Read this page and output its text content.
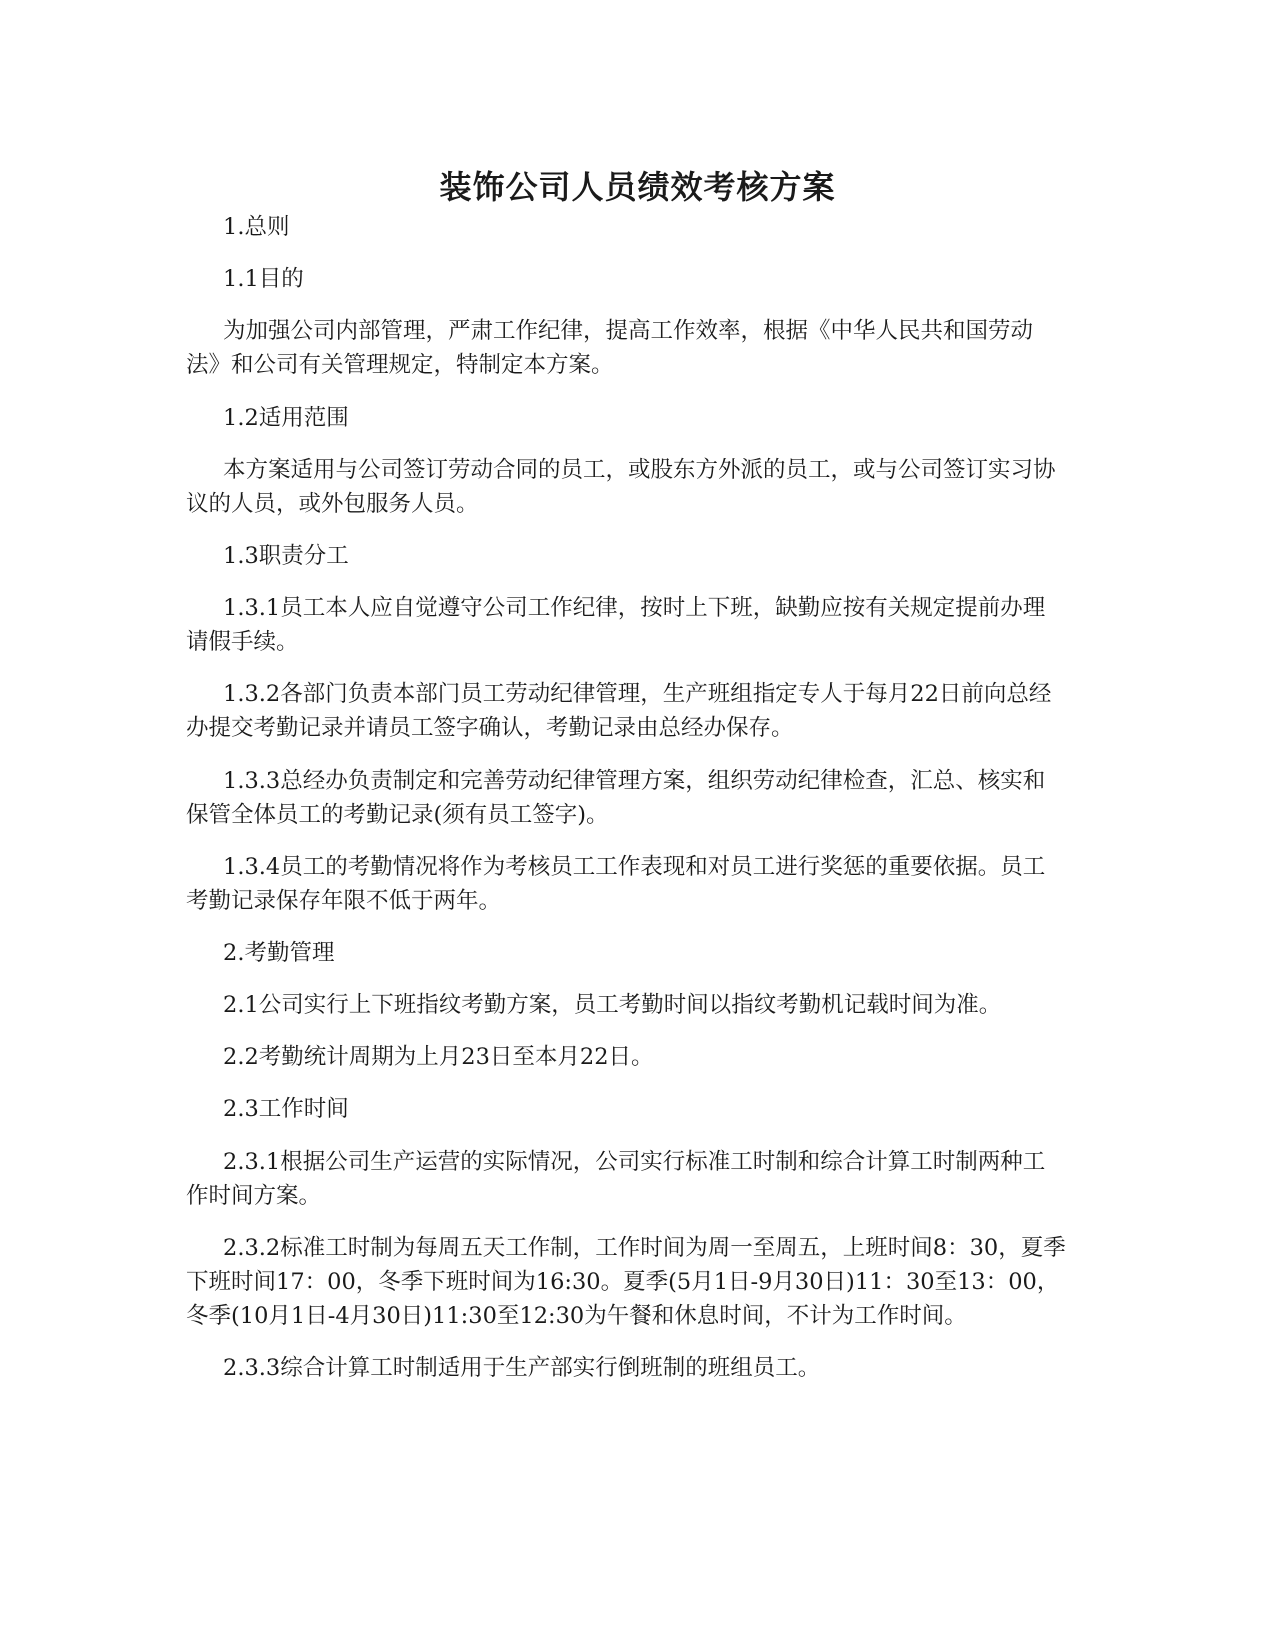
装饰公司人员绩效考核方案

1.总则

1.1目的

为加强公司内部管理，严肃工作纪律，提高工作效率，根据《中华人民共和国劳动法》和公司有关管理规定，特制定本方案。

1.2适用范围

本方案适用与公司签订劳动合同的员工，或股东方外派的员工，或与公司签订实习协议的人员，或外包服务人员。

1.3职责分工

1.3.1员工本人应自觉遵守公司工作纪律，按时上下班，缺勤应按有关规定提前办理请假手续。

1.3.2各部门负责本部门员工劳动纪律管理，生产班组指定专人于每月22日前向总经办提交考勤记录并请员工签字确认，考勤记录由总经办保存。

1.3.3总经办负责制定和完善劳动纪律管理方案，组织劳动纪律检查，汇总、核实和保管全体员工的考勤记录(须有员工签字)。

1.3.4员工的考勤情况将作为考核员工工作表现和对员工进行奖惩的重要依据。员工考勤记录保存年限不低于两年。

2.考勤管理

2.1公司实行上下班指纹考勤方案，员工考勤时间以指纹考勤机记载时间为准。

2.2考勤统计周期为上月23日至本月22日。

2.3工作时间

2.3.1根据公司生产运营的实际情况，公司实行标准工时制和综合计算工时制两种工作时间方案。

2.3.2标准工时制为每周五天工作制，工作时间为周一至周五，上班时间8：30，夏季下班时间17：00，冬季下班时间为16:30。夏季(5月1日-9月30日)11：30至13：00，冬季(10月1日-4月30日)11:30至12:30为午餐和休息时间，不计为工作时间。

2.3.3综合计算工时制适用于生产部实行倒班制的班组员工。
